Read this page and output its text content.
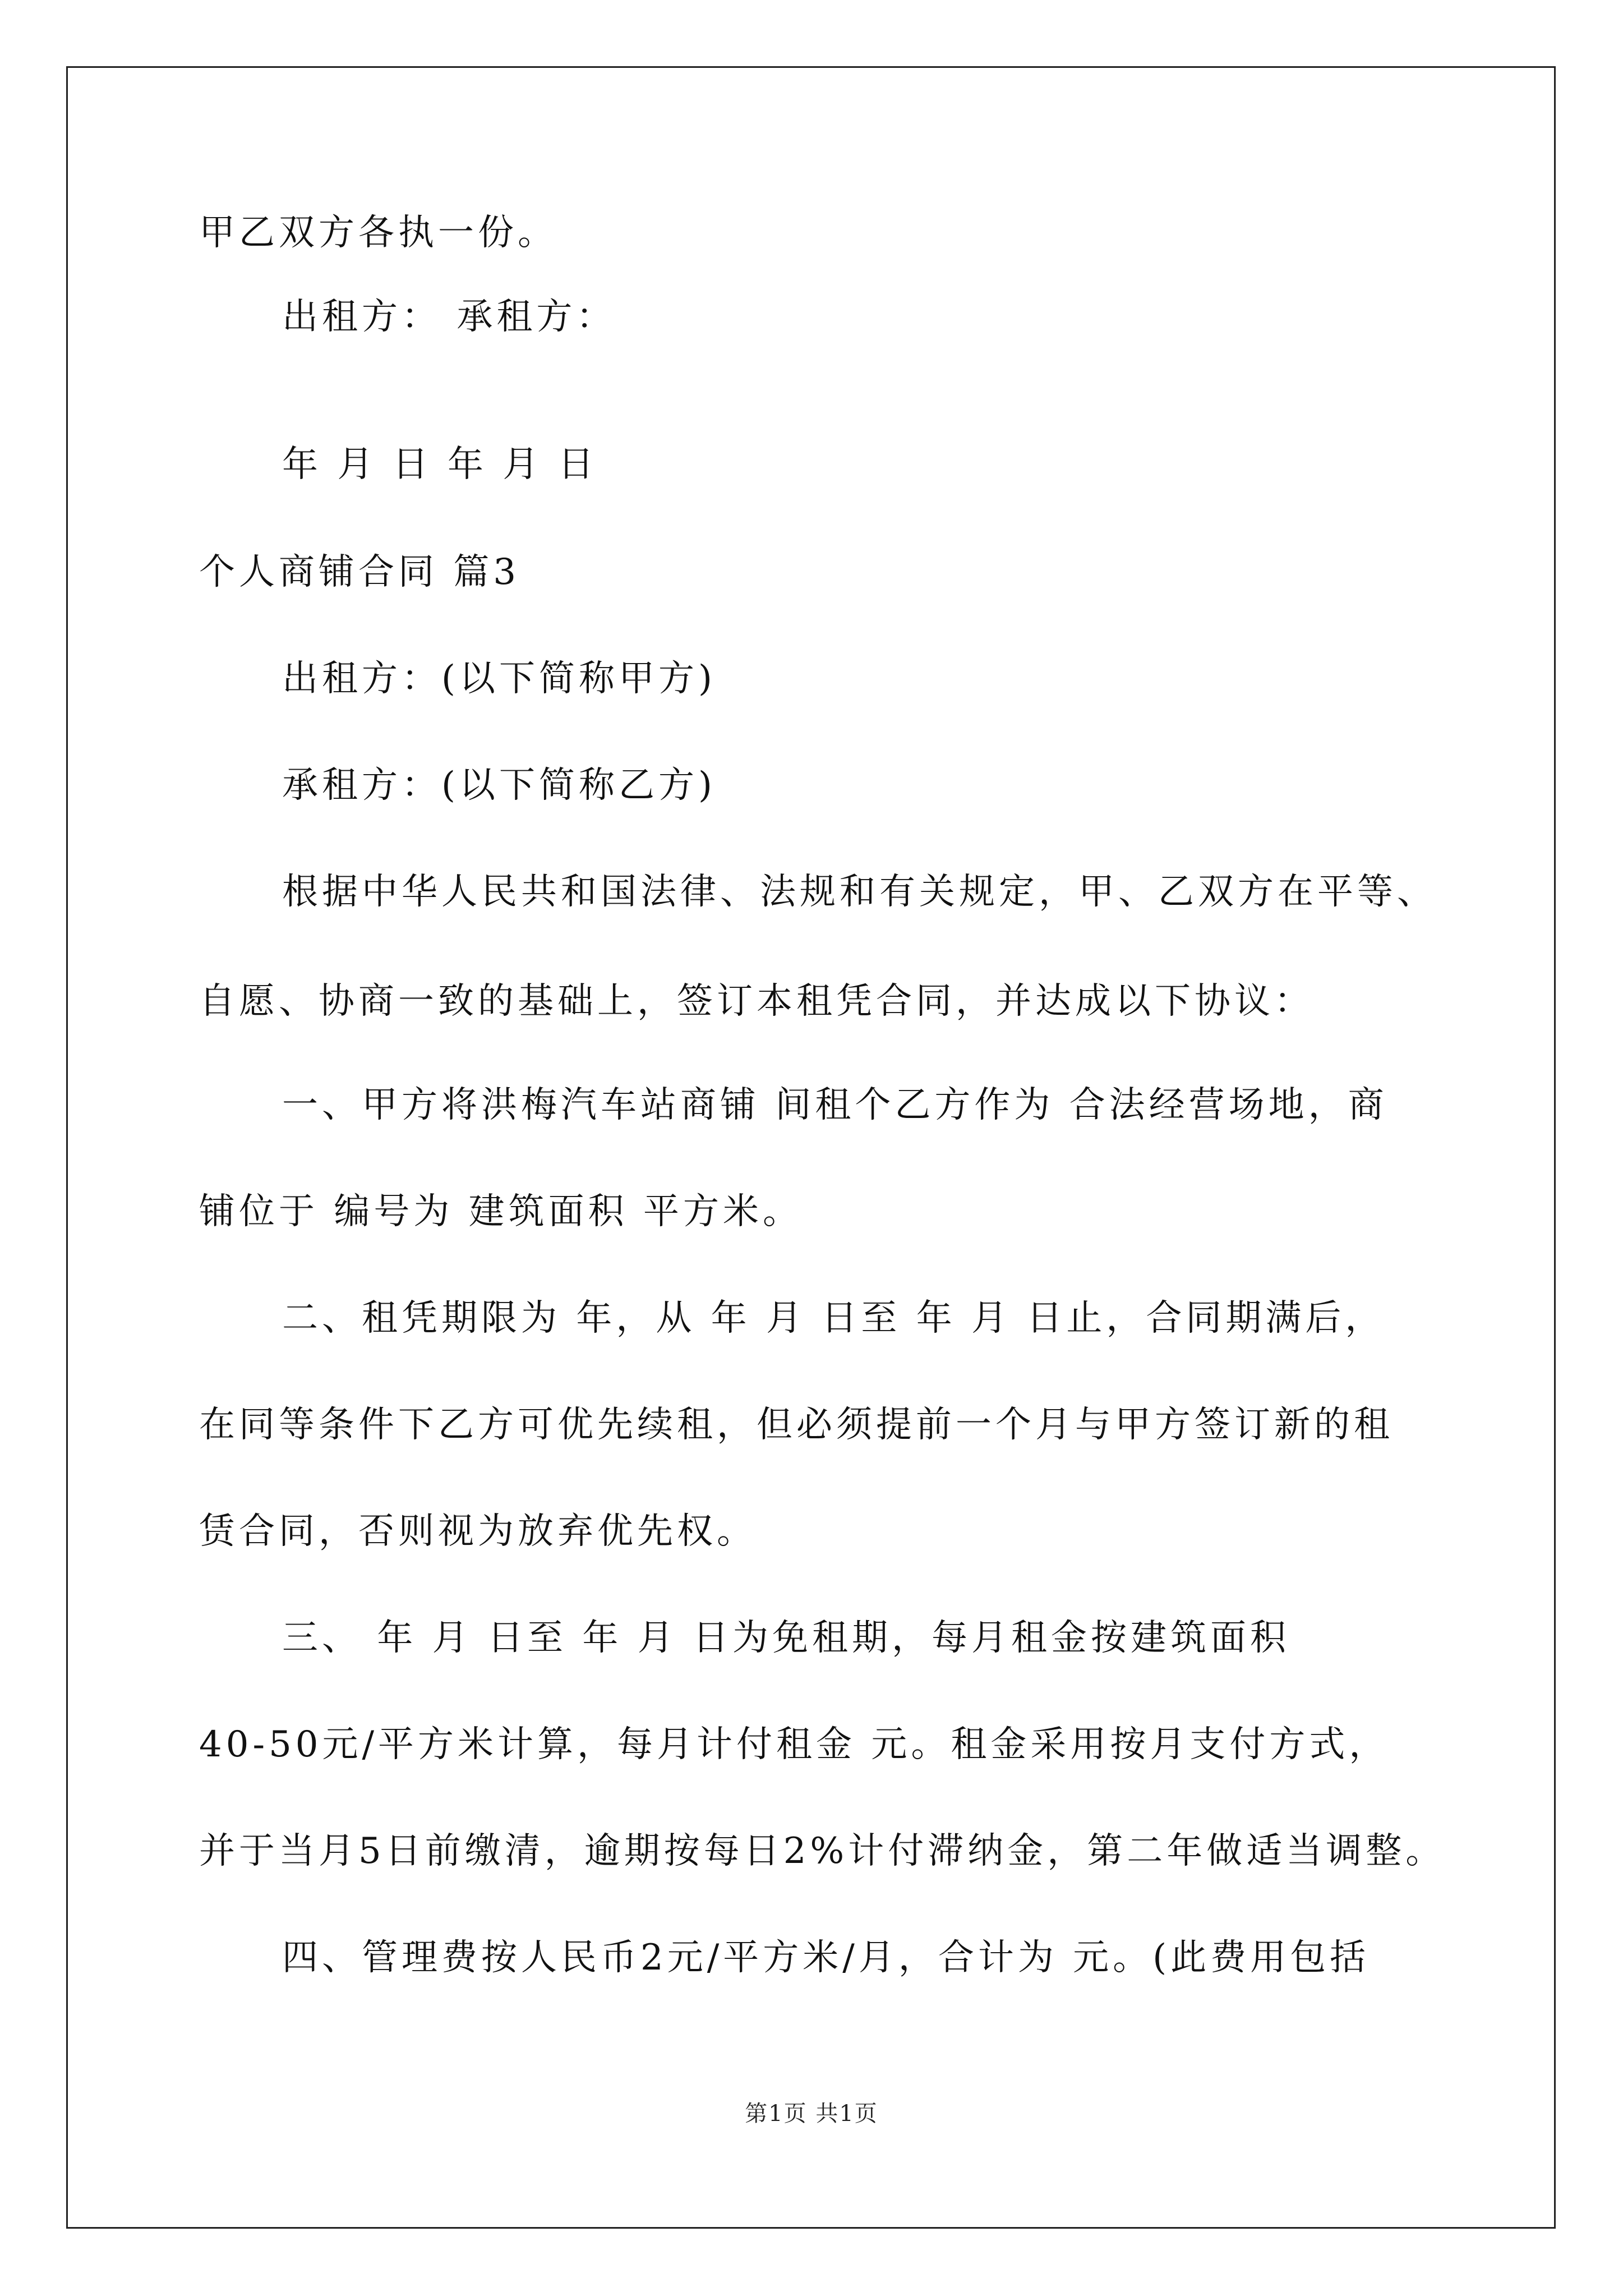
甲乙双方各执一份。
出租方： 承租方：
年 月 日 年 月 日
个人商铺合同 篇3
出租方：(以下简称甲方)
承租方：(以下简称乙方)
根据中华人民共和国法律、法规和有关规定，甲、乙双方在平等、
自愿、协商一致的基础上，签订本租凭合同，并达成以下协议：
一、甲方将洪梅汽车站商铺 间租个乙方作为 合法经营场地，商
铺位于 编号为 建筑面积 平方米。
二、租凭期限为 年，从 年 月 日至 年 月 日止，合同期满后，
在同等条件下乙方可优先续租，但必须提前一个月与甲方签订新的租
赁合同，否则视为放弃优先权。
三、 年 月 日至 年 月 日为免租期，每月租金按建筑面积
40-50元/平方米计算，每月计付租金 元。租金采用按月支付方式，
并于当月5日前缴清，逾期按每日2%计付滞纳金，第二年做适当调整。
四、管理费按人民币2元/平方米/月，合计为 元。(此费用包括
第1页 共1页
